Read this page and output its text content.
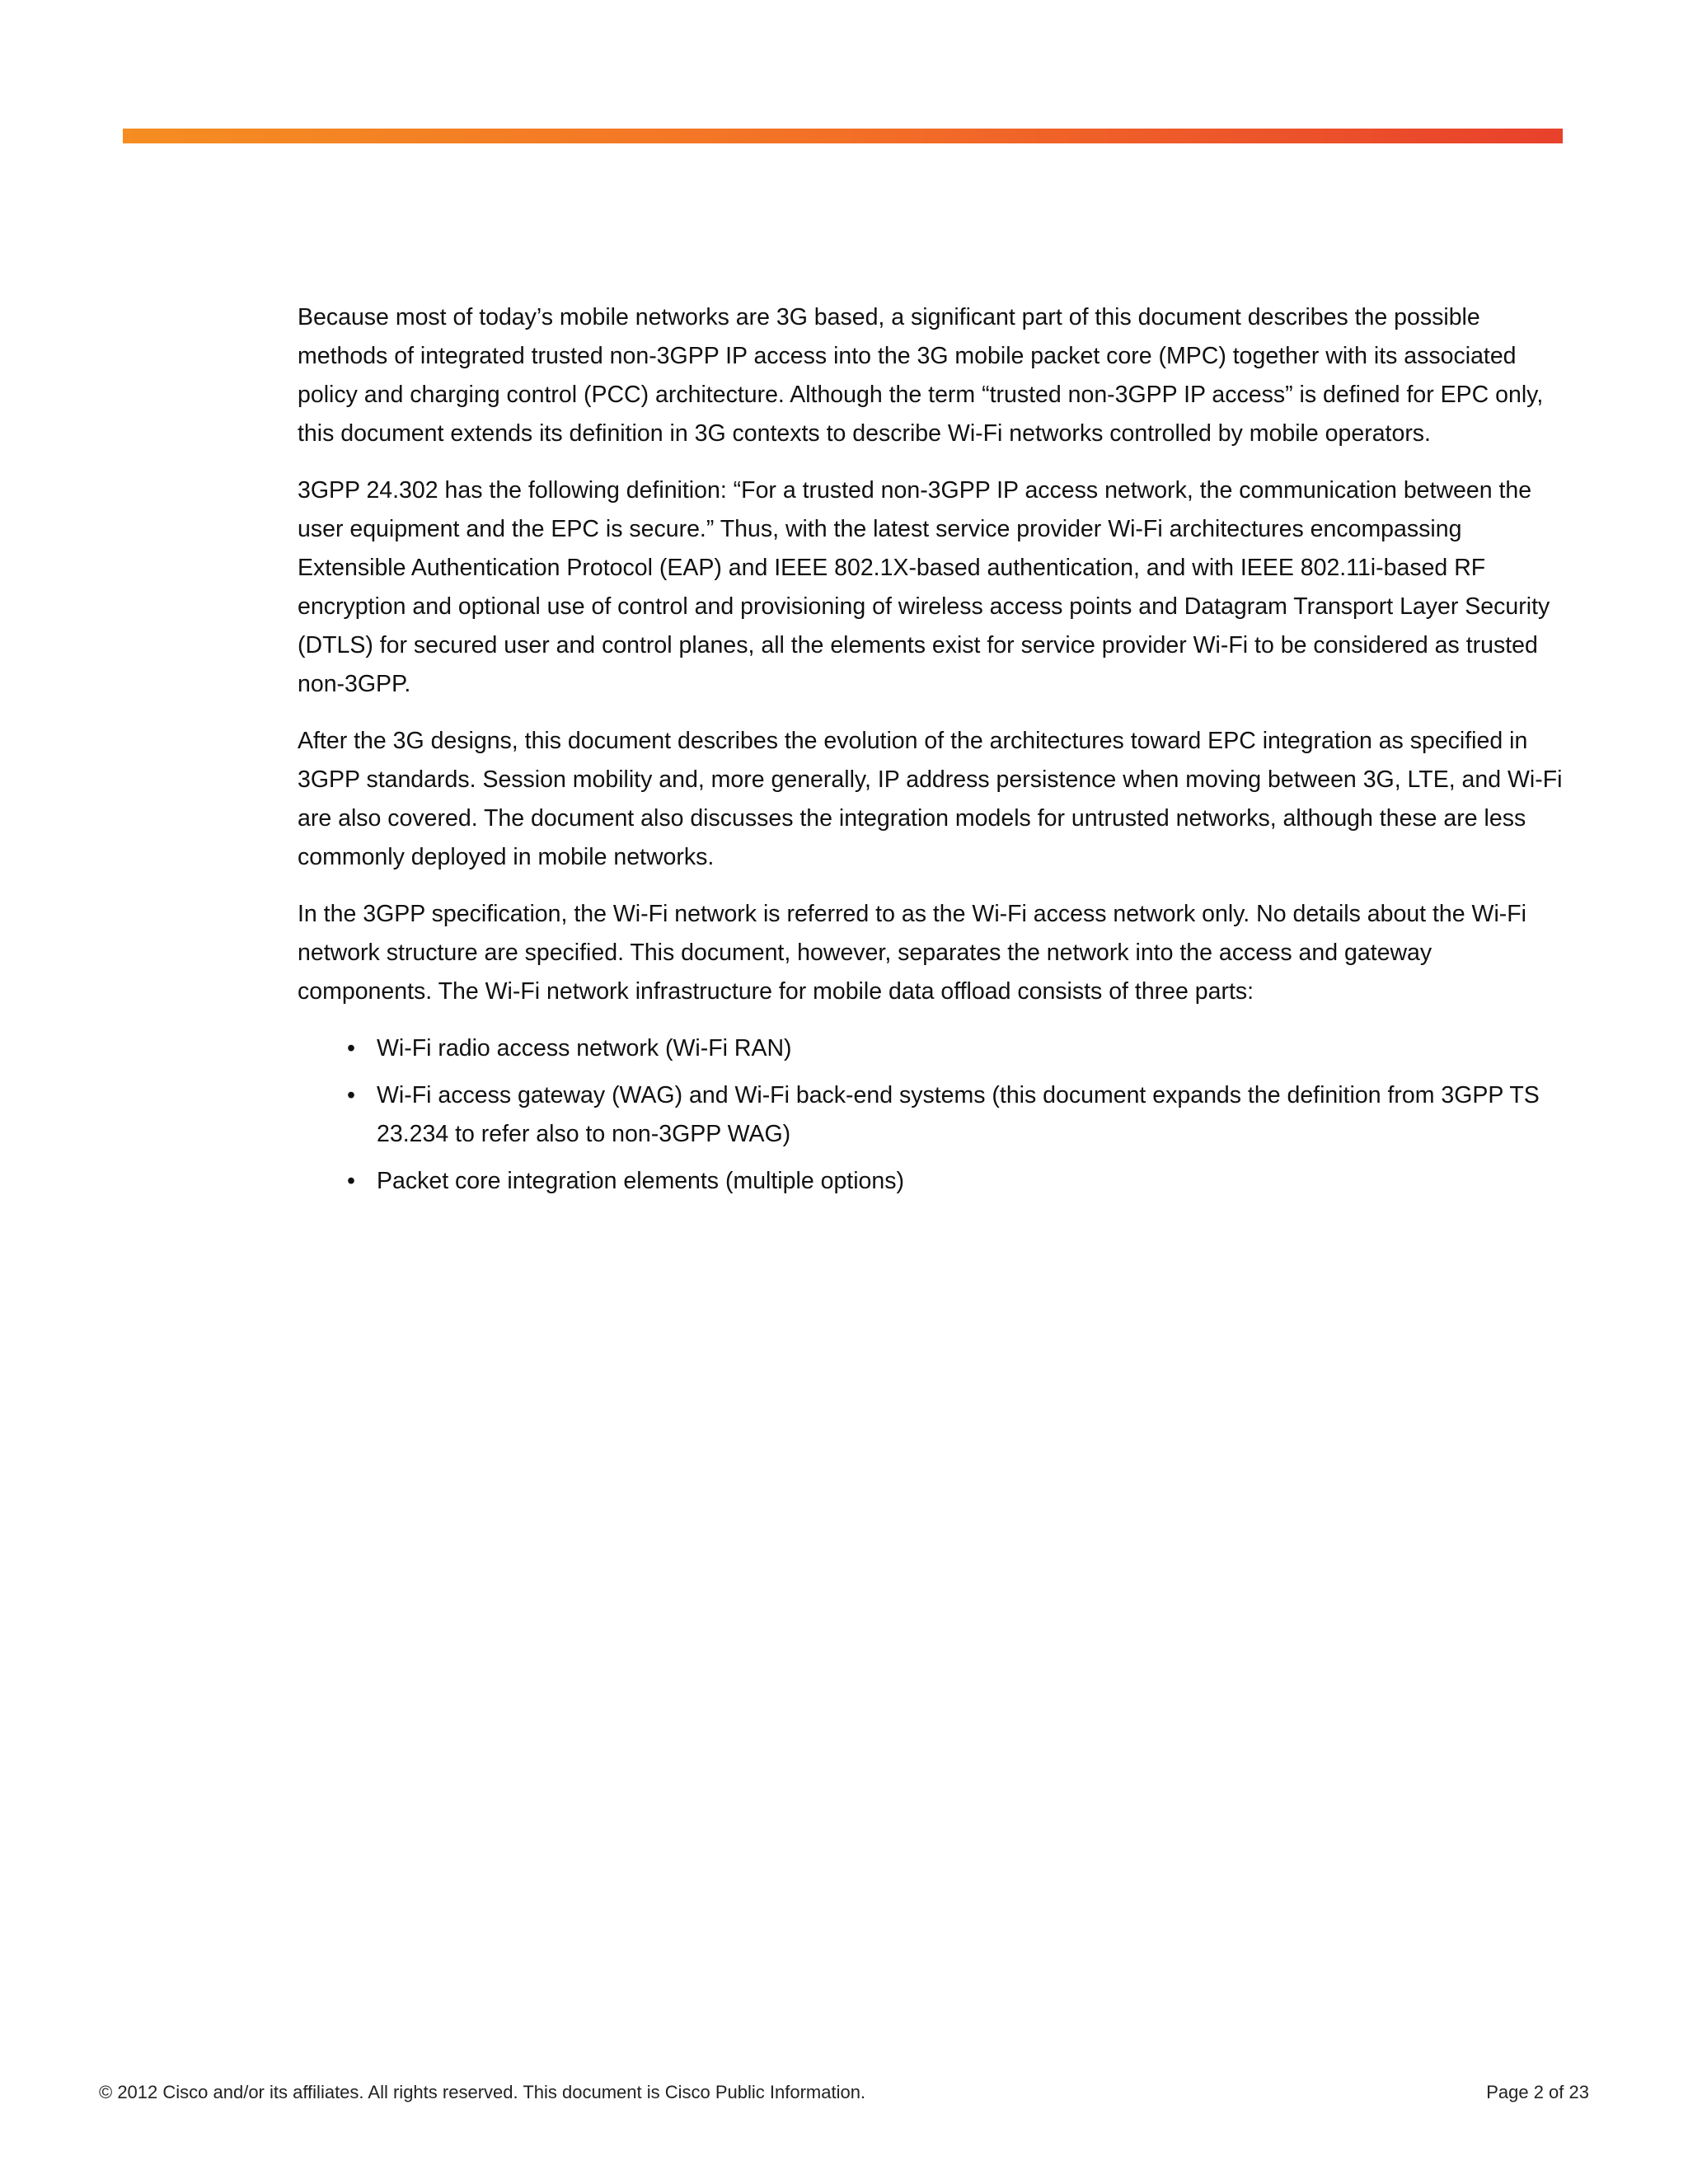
Because most of today’s mobile networks are 3G based, a significant part of this document describes the possible methods of integrated trusted non-3GPP IP access into the 3G mobile packet core (MPC) together with its associated policy and charging control (PCC) architecture. Although the term “trusted non-3GPP IP access” is defined for EPC only, this document extends its definition in 3G contexts to describe Wi-Fi networks controlled by mobile operators.

3GPP 24.302 has the following definition: “For a trusted non-3GPP IP access network, the communication between the user equipment and the EPC is secure.” Thus, with the latest service provider Wi-Fi architectures encompassing Extensible Authentication Protocol (EAP) and IEEE 802.1X-based authentication, and with IEEE 802.11i-based RF encryption and optional use of control and provisioning of wireless access points and Datagram Transport Layer Security (DTLS) for secured user and control planes, all the elements exist for service provider Wi-Fi to be considered as trusted non-3GPP.

After the 3G designs, this document describes the evolution of the architectures toward EPC integration as specified in 3GPP standards. Session mobility and, more generally, IP address persistence when moving between 3G, LTE, and Wi-Fi are also covered. The document also discusses the integration models for untrusted networks, although these are less commonly deployed in mobile networks.

In the 3GPP specification, the Wi-Fi network is referred to as the Wi-Fi access network only. No details about the Wi-Fi network structure are specified. This document, however, separates the network into the access and gateway components. The Wi-Fi network infrastructure for mobile data offload consists of three parts:

• Wi-Fi radio access network (Wi-Fi RAN)
• Wi-Fi access gateway (WAG) and Wi-Fi back-end systems (this document expands the definition from 3GPP TS 23.234 to refer also to non-3GPP WAG)
• Packet core integration elements (multiple options)
© 2012 Cisco and/or its affiliates. All rights reserved. This document is Cisco Public Information.	Page 2 of 23
